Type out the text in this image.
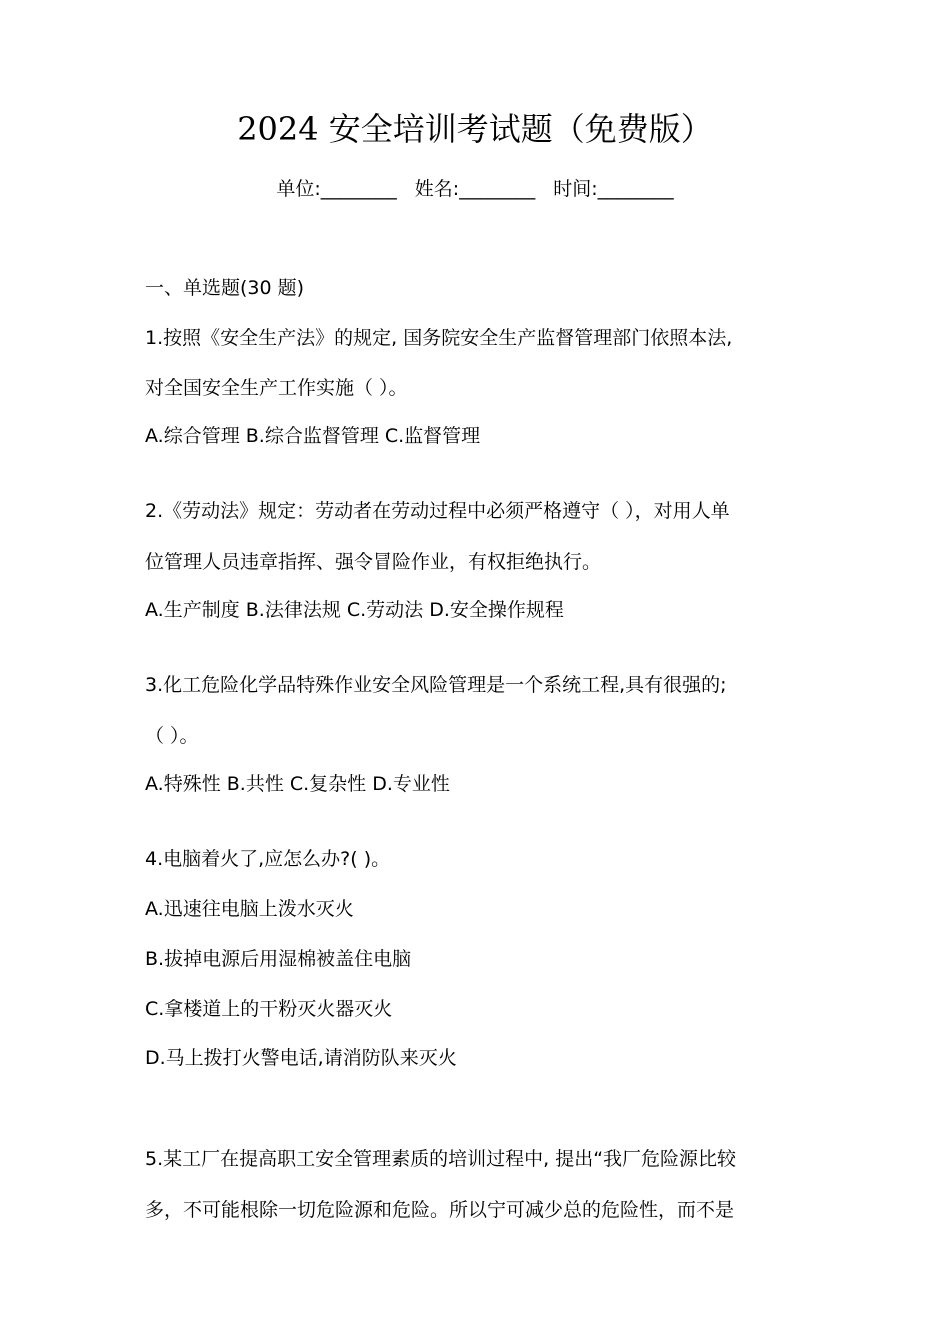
2024 安全培训考试题（免费版）
单位:________ 姓名:________ 时间:________
一、单选题(30 题)
1.按照《安全生产法》的规定, 国务院安全生产监督管理部门依照本法,
对全国安全生产工作实施（ ）。
A.综合管理 B.综合监督管理 C.监督管理
2.《劳动法》规定：劳动者在劳动过程中必须严格遵守（ ），对用人单
位管理人员违章指挥、强令冒险作业，有权拒绝执行。
A.生产制度 B.法律法规 C.劳动法 D.安全操作规程
3.化工危险化学品特殊作业安全风险管理是一个系统工程,具有很强的;
（ ）。
A.特殊性 B.共性 C.复杂性 D.专业性
4.电脑着火了,应怎么办?( )。
A.迅速往电脑上泼水灭火
B.拔掉电源后用湿棉被盖住电脑
C.拿楼道上的干粉灭火器灭火
D.马上拨打火警电话,请消防队来灭火
5.某工厂在提高职工安全管理素质的培训过程中, 提出“我厂危险源比较
多，不可能根除一切危险源和危险。所以宁可减少总的危险性，而不是
